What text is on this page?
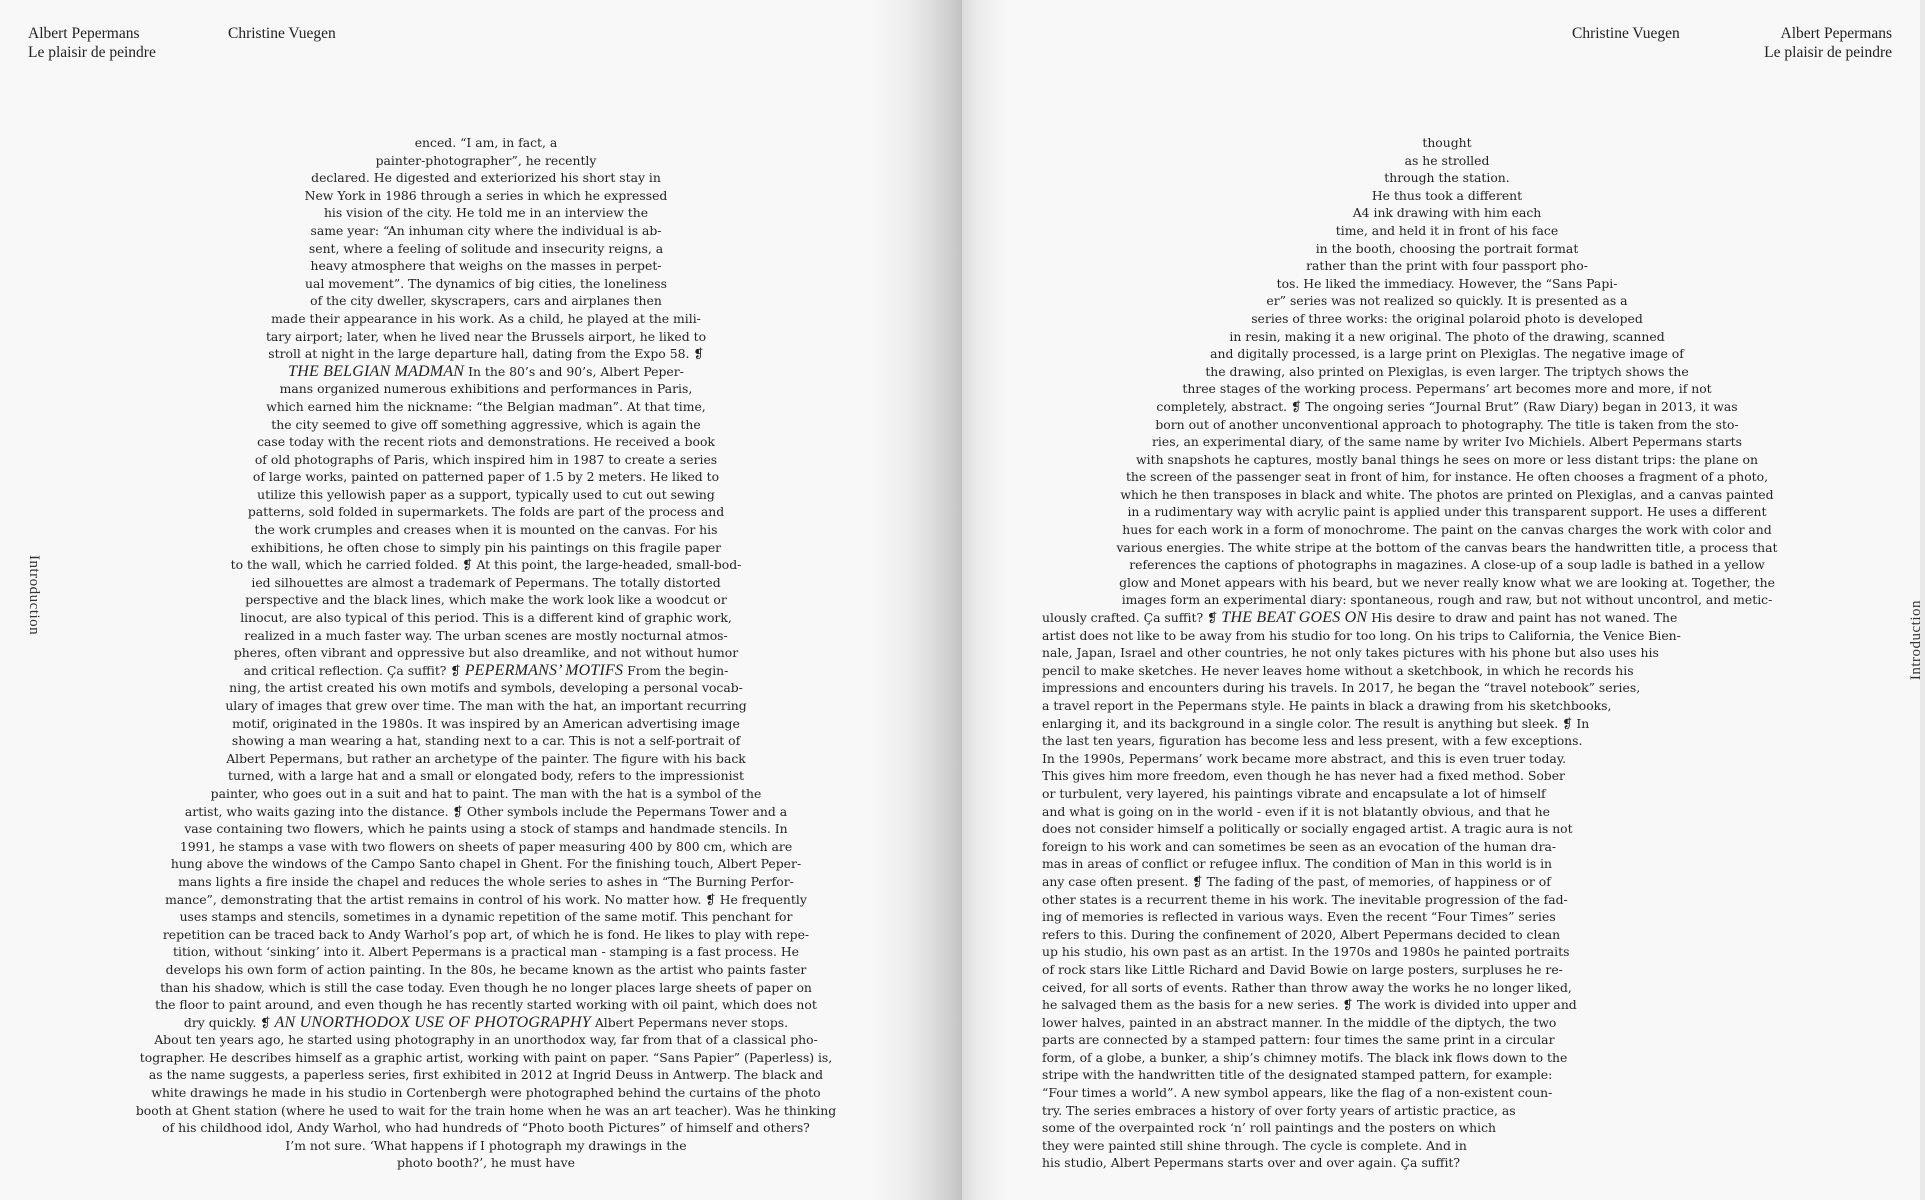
Albert Pepermans
Le plaisir de peindre
Christine Vuegen
Introduction
enced. “I am, in fact, a
painter-photographer”, he recently
declared. He digested and exteriorized his short stay in
New York in 1986 through a series in which he expressed
his vision of the city. He told me in an interview the
same year: “An inhuman city where the individual is ab-
sent, where a feeling of solitude and insecurity reigns, a
heavy atmosphere that weighs on the masses in perpet-
ual movement”. The dynamics of big cities, the loneliness
of the city dweller, skyscrapers, cars and airplanes then
made their appearance in his work. As a child, he played at the mili-
tary airport; later, when he lived near the Brussels airport, he liked to
stroll at night in the large departure hall, dating from the Expo 58. ❡
THE BELGIAN MADMAN In the 80’s and 90’s, Albert Peper-
mans organized numerous exhibitions and performances in Paris,
which earned him the nickname: “the Belgian madman”. At that time,
the city seemed to give off something aggressive, which is again the
case today with the recent riots and demonstrations. He received a book
of old photographs of Paris, which inspired him in 1987 to create a series
of large works, painted on patterned paper of 1.5 by 2 meters. He liked to
utilize this yellowish paper as a support, typically used to cut out sewing
patterns, sold folded in supermarkets. The folds are part of the process and
the work crumples and creases when it is mounted on the canvas. For his
exhibitions, he often chose to simply pin his paintings on this fragile paper
to the wall, which he carried folded. ❡ At this point, the large-headed, small-bod-
ied silhouettes are almost a trademark of Pepermans. The totally distorted
perspective and the black lines, which make the work look like a woodcut or
linocut, are also typical of this period. This is a different kind of graphic work,
realized in a much faster way. The urban scenes are mostly nocturnal atmos-
pheres, often vibrant and oppressive but also dreamlike, and not without humor
and critical reflection. Ça suffit? ❡ PEPERMANS’ MOTIFS From the begin-
ning, the artist created his own motifs and symbols, developing a personal vocab-
ulary of images that grew over time. The man with the hat, an important recurring
motif, originated in the 1980s. It was inspired by an American advertising image
showing a man wearing a hat, standing next to a car. This is not a self-portrait of
Albert Pepermans, but rather an archetype of the painter. The figure with his back
turned, with a large hat and a small or elongated body, refers to the impressionist
painter, who goes out in a suit and hat to paint. The man with the hat is a symbol of the
artist, who waits gazing into the distance. ❡ Other symbols include the Pepermans Tower and a
vase containing two flowers, which he paints using a stock of stamps and handmade stencils. In
1991, he stamps a vase with two flowers on sheets of paper measuring 400 by 800 cm, which are
hung above the windows of the Campo Santo chapel in Ghent. For the finishing touch, Albert Peper-
mans lights a fire inside the chapel and reduces the whole series to ashes in “The Burning Perfor-
mance”, demonstrating that the artist remains in control of his work. No matter how. ❡ He frequently
uses stamps and stencils, sometimes in a dynamic repetition of the same motif. This penchant for
repetition can be traced back to Andy Warhol’s pop art, of which he is fond. He likes to play with repe-
tition, without ‘sinking’ into it. Albert Pepermans is a practical man - stamping is a fast process. He
develops his own form of action painting. In the 80s, he became known as the artist who paints faster
than his shadow, which is still the case today. Even though he no longer places large sheets of paper on
the floor to paint around, and even though he has recently started working with oil paint, which does not
dry quickly. ❡ AN UNORTHODOX USE OF PHOTOGRAPHY Albert Pepermans never stops.
About ten years ago, he started using photography in an unorthodox way, far from that of a classical pho-
tographer. He describes himself as a graphic artist, working with paint on paper. “Sans Papier” (Paperless) is,
as the name suggests, a paperless series, first exhibited in 2012 at Ingrid Deuss in Antwerp. The black and
white drawings he made in his studio in Cortenbergh were photographed behind the curtains of the photo
booth at Ghent station (where he used to wait for the train home when he was an art teacher). Was he thinking
of his childhood idol, Andy Warhol, who had hundreds of “Photo booth Pictures” of himself and others?
I’m not sure. ‘What happens if I photograph my drawings in the
photo booth?’, he must have
Christine Vuegen	Albert Pepermans
Le plaisir de peindre
Introduction
thought
as he strolled
through the station.
He thus took a different
A4 ink drawing with him each
time, and held it in front of his face
in the booth, choosing the portrait format
rather than the print with four passport pho-
tos. He liked the immediacy. However, the “Sans Papi-
er” series was not realized so quickly. It is presented as a
series of three works: the original polaroid photo is developed
in resin, making it a new original. The photo of the drawing, scanned
and digitally processed, is a large print on Plexiglas. The negative image of
the drawing, also printed on Plexiglas, is even larger. The triptych shows the
three stages of the working process. Pepermans’ art becomes more and more, if not
completely, abstract. ❡ The ongoing series “Journal Brut” (Raw Diary) began in 2013, it was
born out of another unconventional approach to photography. The title is taken from the sto-
ries, an experimental diary, of the same name by writer Ivo Michiels. Albert Pepermans starts
with snapshots he captures, mostly banal things he sees on more or less distant trips: the plane on
the screen of the passenger seat in front of him, for instance. He often chooses a fragment of a photo,
which he then transposes in black and white. The photos are printed on Plexiglas, and a canvas painted
in a rudimentary way with acrylic paint is applied under this transparent support. He uses a different
hues for each work in a form of monochrome. The paint on the canvas charges the work with color and
various energies. The white stripe at the bottom of the canvas bears the handwritten title, a process that
references the captions of photographs in magazines. A close-up of a soup ladle is bathed in a yellow
glow and Monet appears with his beard, but we never really know what we are looking at. Together, the
images form an experimental diary: spontaneous, rough and raw, but not without uncontrol, and metic-
ulously crafted. Ça suffit? ❡ THE BEAT GOES ON His desire to draw and paint has not waned. The
artist does not like to be away from his studio for too long. On his trips to California, the Venice Bien-
nale, Japan, Israel and other countries, he not only takes pictures with his phone but also uses his
pencil to make sketches. He never leaves home without a sketchbook, in which he records his
impressions and encounters during his travels. In 2017, he began the “travel notebook” series,
a travel report in the Pepermans style. He paints in black a drawing from his sketchbooks,
enlarging it, and its background in a single color. The result is anything but sleek. ❡ In
the last ten years, figuration has become less and less present, with a few exceptions.
In the 1990s, Pepermans’ work became more abstract, and this is even truer today.
This gives him more freedom, even though he has never had a fixed method. Sober
or turbulent, very layered, his paintings vibrate and encapsulate a lot of himself
and what is going on in the world - even if it is not blatantly obvious, and that he
does not consider himself a politically or socially engaged artist. A tragic aura is not
foreign to his work and can sometimes be seen as an evocation of the human dra-
mas in areas of conflict or refugee influx. The condition of Man in this world is in
any case often present. ❡ The fading of the past, of memories, of happiness or of
other states is a recurrent theme in his work. The inevitable progression of the fad-
ing of memories is reflected in various ways. Even the recent “Four Times” series
refers to this. During the confinement of 2020, Albert Pepermans decided to clean
up his studio, his own past as an artist. In the 1970s and 1980s he painted portraits
of rock stars like Little Richard and David Bowie on large posters, surpluses he re-
ceived, for all sorts of events. Rather than throw away the works he no longer liked,
he salvaged them as the basis for a new series. ❡ The work is divided into upper and
lower halves, painted in an abstract manner. In the middle of the diptych, the two
parts are connected by a stamped pattern: four times the same print in a circular
form, of a globe, a bunker, a ship’s chimney motifs. The black ink flows down to the
stripe with the handwritten title of the designated stamped pattern, for example:
“Four times a world”. A new symbol appears, like the flag of a non-existent coun-
try. The series embraces a history of over forty years of artistic practice, as
some of the overpainted rock ‘n’ roll paintings and the posters on which
they were painted still shine through. The cycle is complete. And in
his studio, Albert Pepermans starts over and over again. Ça suffit?
